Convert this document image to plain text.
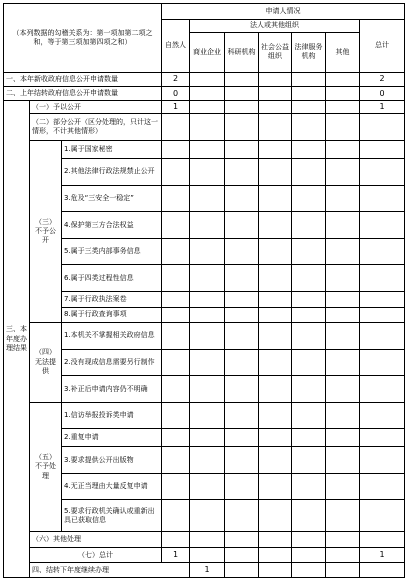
（本列数据的勾稽关系为：第一项加第二项之和，等于第三项加第四项之和）			申请人情况							
			自然人	法人或其他组织					总计	
				商业企业	科研机构	社会公益组织	法律服务机构	其他		
一、本年新收政府信息公开申请数量			2						2	
二、上年结转政府信息公开申请数量			0						0	
三、本年度办理结果	（一）予以公开		1						1	
	（二）部分公开（区分处理的，只计这一情形，不计其他情形）									
	（三）不予公开	1.属于国家秘密								
		2.其他法律行政法规禁止公开								
		3.危及“三安全一稳定”								
		4.保护第三方合法权益								
		5.属于三类内部事务信息								
		6.属于四类过程性信息								
		7.属于行政执法案卷								
		8.属于行政查询事项								
	（四）无法提供	1.本机关不掌握相关政府信息								
		2.没有现成信息需要另行制作								
		3.补正后申请内容仍不明确								
	（五）不予处理	1.信访举报投诉类申请								
		2.重复申请								
		3.要求提供公开出版物								
		4.无正当理由大量反复申请								
		5.要求行政机关确认或重新出具已获取信息								
	（六）其他处理									
	（七）总计		1						1	
	四、结转下年度继续办理			1						
